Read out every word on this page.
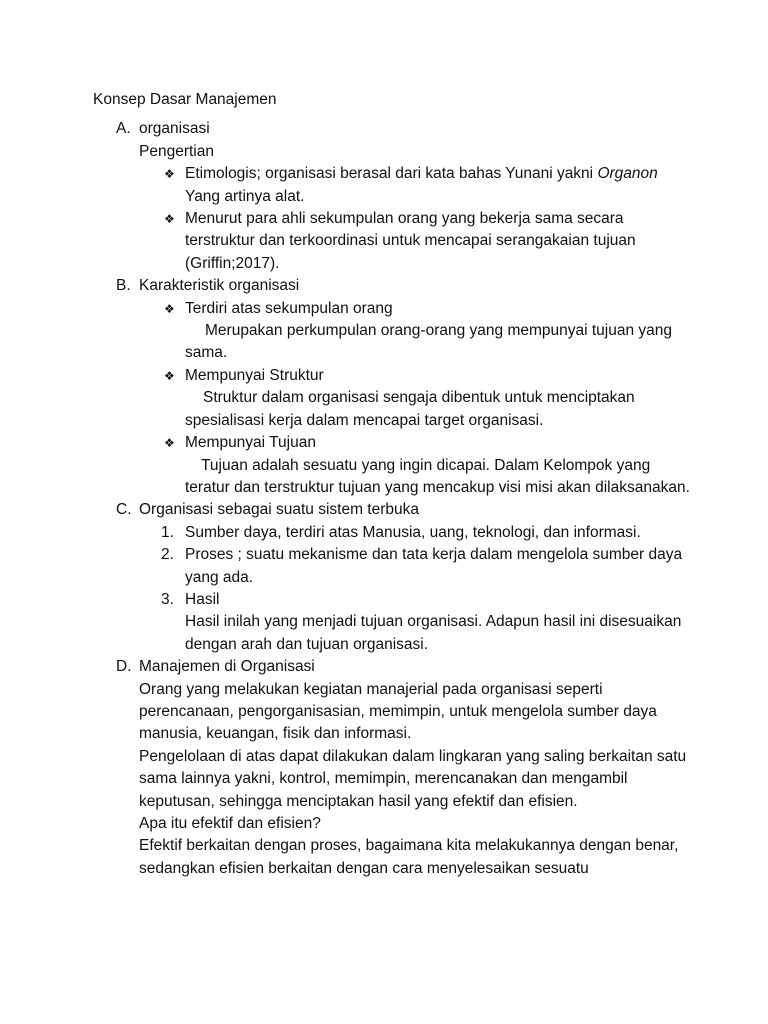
Konsep Dasar Manajemen
A. organisasi
Pengertian
❖ Etimologis; organisasi berasal dari kata bahas Yunani yakni Organon Yang artinya alat.
❖ Menurut para ahli sekumpulan orang yang bekerja sama secara terstruktur dan terkoordinasi untuk mencapai serangakaian tujuan (Griffin;2017).
B. Karakteristik organisasi
❖ Terdiri atas sekumpulan orang
Merupakan perkumpulan orang-orang yang mempunyai tujuan yang sama.
❖ Mempunyai Struktur
Struktur dalam organisasi sengaja dibentuk untuk menciptakan spesialisasi kerja dalam mencapai target organisasi.
❖ Mempunyai Tujuan
Tujuan adalah sesuatu yang ingin dicapai. Dalam Kelompok yang teratur dan terstruktur tujuan yang mencakup visi misi akan dilaksanakan.
C. Organisasi sebagai suatu sistem terbuka
1. Sumber daya, terdiri atas Manusia, uang, teknologi, dan informasi.
2. Proses ; suatu mekanisme dan tata kerja dalam mengelola sumber daya yang ada.
3. Hasil
Hasil inilah yang menjadi tujuan organisasi. Adapun hasil ini disesuaikan dengan arah dan tujuan organisasi.
D. Manajemen di Organisasi
Orang yang melakukan kegiatan manajerial pada organisasi seperti perencanaan, pengorganisasian, memimpin, untuk mengelola sumber daya manusia, keuangan, fisik dan informasi.
Pengelolaan di atas dapat dilakukan dalam lingkaran yang saling berkaitan satu sama lainnya yakni, kontrol, memimpin, merencanakan dan mengambil keputusan, sehingga menciptakan hasil yang efektif dan efisien.
Apa itu efektif dan efisien?
Efektif berkaitan dengan proses, bagaimana kita melakukannya dengan benar, sedangkan efisien berkaitan dengan cara menyelesaikan sesuatu
